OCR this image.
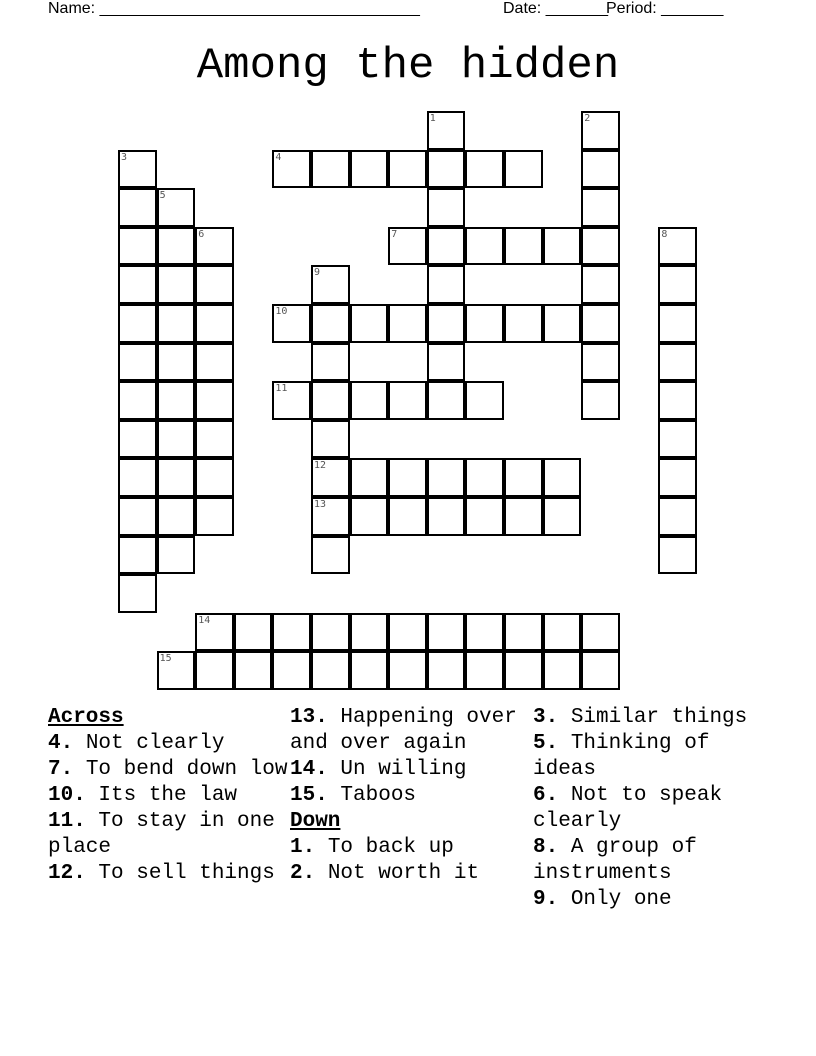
Name: ____________________________________	Date: _______
Period: _______
Among the hidden
1	2
3	4
5
6	7	8
9
10
11
12
13
14
15
Across
4. Not clearly
7. To bend down low
10. Its the law
11. To stay in one place
12. To sell things
13. Happening over and over again
14. Un willing
15. Taboos
Down
1. To back up
2. Not worth it
3. Similar things
5. Thinking of ideas
6. Not to speak clearly
8. A group of instruments
9. Only one
